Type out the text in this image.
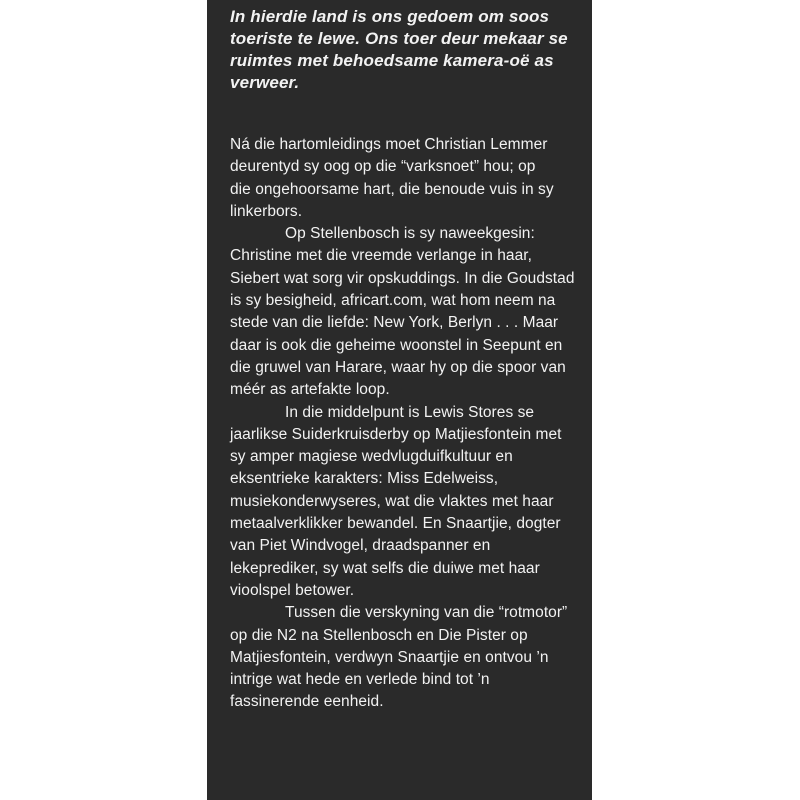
In hierdie land is ons gedoem om soos
toeriste te lewe. Ons toer deur mekaar se
ruimtes met behoedsame kamera-oë as
verweer.

Ná die hartomleidings moet Christian Lemmer
deurentyd sy oog op die “varksnoet” hou; op
die ongehoorsame hart, die benoude vuis in sy
linkerbors.

Op Stellenbosch is sy naweekgesin:
Christine met die vreemde verlange in haar,
Siebert wat sorg vir opskuddings. In die Goudstad
is sy besigheid, africart.com, wat hom neem na
stede van die liefde: New York, Berlyn . . . Maar
daar is ook die geheime woonstel in Seepunt en
die gruwel van Harare, waar hy op die spoor van
méér as artefakte loop.

In die middelpunt is Lewis Stores se
jaarlikse Suiderkruisderby op Matjiesfontein met
sy amper magiese wedvlugduifkultuur en
eksentrieke karakters: Miss Edelweiss,
musiekonderwyseres, wat die vlaktes met haar
metaalverklikker bewandel. En Snaartjie, dogter
van Piet Windvogel, draadspanner en
lekeprediker, sy wat selfs die duiwe met haar
vioolspel betower.

Tussen die verskyning van die “rotmotor”
op die N2 na Stellenbosch en Die Pister op
Matjiesfontein, verdwyn Snaartjie en ontvou ’n
intrige wat hede en verlede bind tot ’n
fassinerende eenheid.
